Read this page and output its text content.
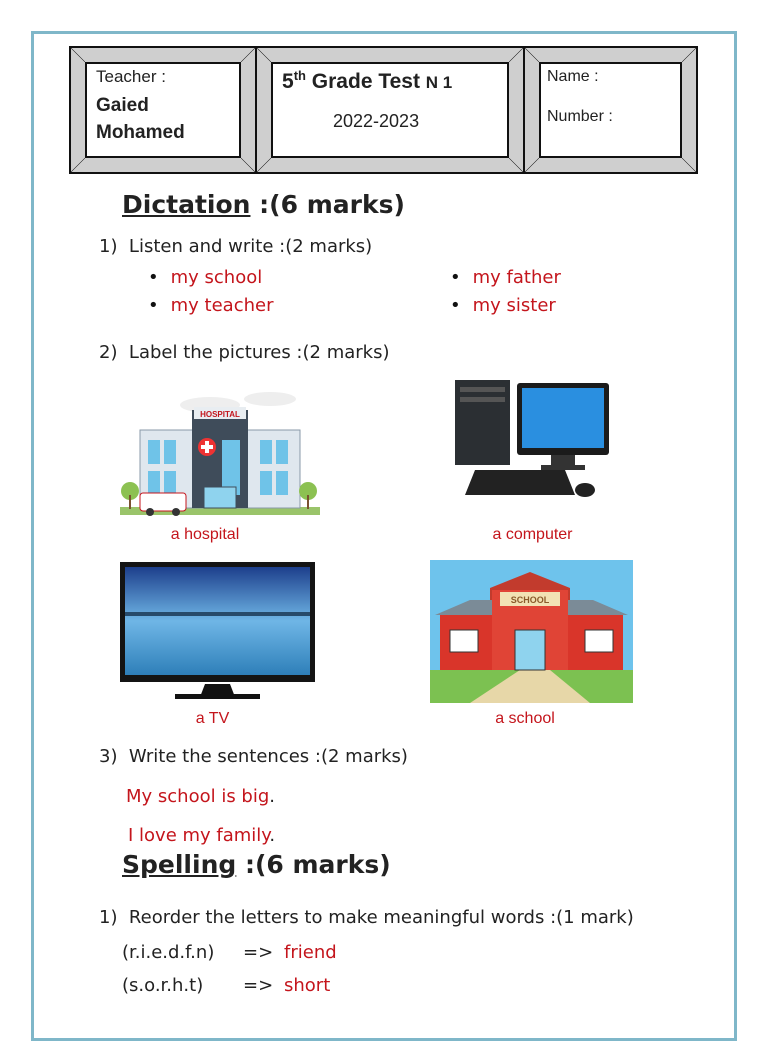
Teacher :
Gaied
Mohamed
5th Grade Test N 1
2022-2023
Name :
Number :
Dictation :(6 marks)
1)  Listen and write :(2 marks)
• my school
• my teacher
• my father
• my sister
2)  Label the pictures :(2 marks)
HOSPITAL
a hospital	a computer
a TV
SCHOOL
a school
3)  Write the sentences :(2 marks)
My school is big.
I love my family.
Spelling :(6 marks)
1)  Reorder the letters to make meaningful words :(1 mark)
(r.i.e.d.f.n) => friend
(s.o.r.h.t) => short
